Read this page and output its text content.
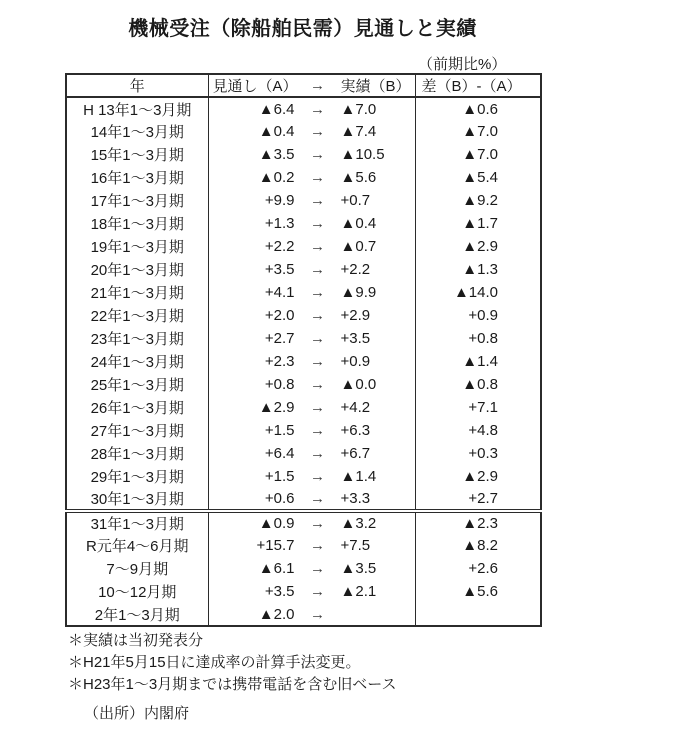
機械受注（除船舶民需）見通しと実績
（前期比%）
年	見通し（A） → 実績（B）	差（B）-（A）
H 13年1～3月期	▲6.4 → ▲7.0	▲0.6
14年1～3月期	▲0.4 → ▲7.4	▲7.0
15年1～3月期	▲3.5 → ▲10.5	▲7.0
16年1～3月期	▲0.2 → ▲5.6	▲5.4
17年1～3月期	+9.9 → +0.7	▲9.2
18年1～3月期	+1.3 → ▲0.4	▲1.7
19年1～3月期	+2.2 → ▲0.7	▲2.9
20年1～3月期	+3.5 → +2.2	▲1.3
21年1～3月期	+4.1 → ▲9.9	▲14.0
22年1～3月期	+2.0 → +2.9	+0.9
23年1～3月期	+2.7 → +3.5	+0.8
24年1～3月期	+2.3 → +0.9	▲1.4
25年1～3月期	+0.8 → ▲0.0	▲0.8
26年1～3月期	▲2.9 → +4.2	+7.1
27年1～3月期	+1.5 → +6.3	+4.8
28年1～3月期	+6.4 → +6.7	+0.3
29年1～3月期	+1.5 → ▲1.4	▲2.9
30年1～3月期	+0.6 → +3.3	+2.7
31年1～3月期	▲0.9 → ▲3.2	▲2.3
R元年4～6月期	+15.7 → +7.5	▲8.2
7～9月期	▲6.1 → ▲3.5	+2.6
10～12月期	+3.5 → ▲2.1	▲5.6
2年1～3月期	▲2.0 →	

＊実績は当初発表分
＊H21年5月15日に達成率の計算手法変更。
＊H23年1～3月期までは携帯電話を含む旧ベース
（出所）内閣府
